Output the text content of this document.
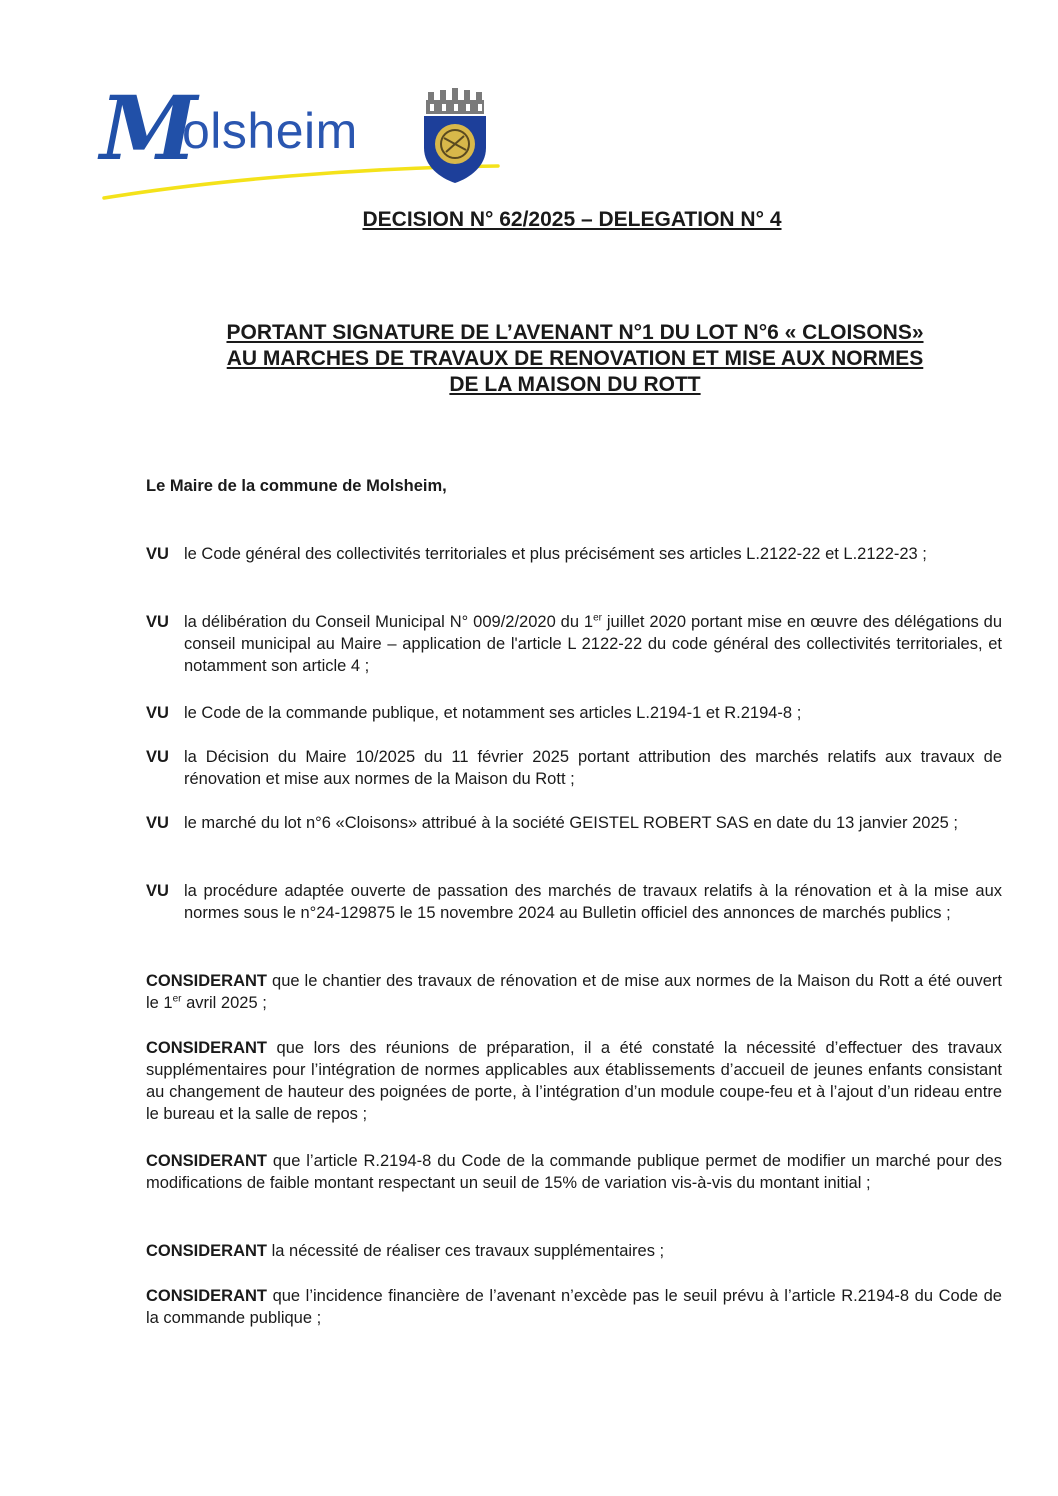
M
olsheim
DECISION N° 62/2025 – DELEGATION N° 4
PORTANT SIGNATURE DE L’AVENANT N°1 DU LOT N°6 « CLOISONS»
AU MARCHES DE TRAVAUX DE RENOVATION ET MISE AUX NORMES
DE LA MAISON DU ROTT
Le Maire de la commune de Molsheim,
VU le Code général des collectivités territoriales et plus précisément ses articles L.2122-22 et L.2122-23 ;
VU la délibération du Conseil Municipal N° 009/2/2020 du 1er juillet 2020 portant mise en œuvre des délégations du conseil municipal au Maire – application de l'article L 2122-22 du code général des collectivités territoriales, et notamment son article 4 ;
VU le Code de la commande publique, et notamment ses articles L.2194-1 et R.2194-8 ;
VU la Décision du Maire 10/2025 du 11 février 2025 portant attribution des marchés relatifs aux travaux de rénovation et mise aux normes de la Maison du Rott ;
VU le marché du lot n°6 «Cloisons» attribué à la société GEISTEL ROBERT SAS en date du 13 janvier 2025 ;
VU la procédure adaptée ouverte de passation des marchés de travaux relatifs à la rénovation et à la mise aux normes sous le n°24-129875 le 15 novembre 2024 au Bulletin officiel des annonces de marchés publics ;
CONSIDERANT que le chantier des travaux de rénovation et de mise aux normes de la Maison du Rott a été ouvert le 1er avril 2025 ;
CONSIDERANT que lors des réunions de préparation, il a été constaté la nécessité d’effectuer des travaux supplémentaires pour l’intégration de normes applicables aux établissements d’accueil de jeunes enfants consistant au changement de hauteur des poignées de porte, à l’intégration d’un module coupe-feu et à l’ajout d’un rideau entre le bureau et la salle de repos ;
CONSIDERANT que l’article R.2194-8 du Code de la commande publique permet de modifier un marché pour des modifications de faible montant respectant un seuil de 15% de variation vis-à-vis du montant initial ;
CONSIDERANT la nécessité de réaliser ces travaux supplémentaires ;
CONSIDERANT que l’incidence financière de l’avenant n’excède pas le seuil prévu à l’article R.2194-8 du Code de la commande publique ;
